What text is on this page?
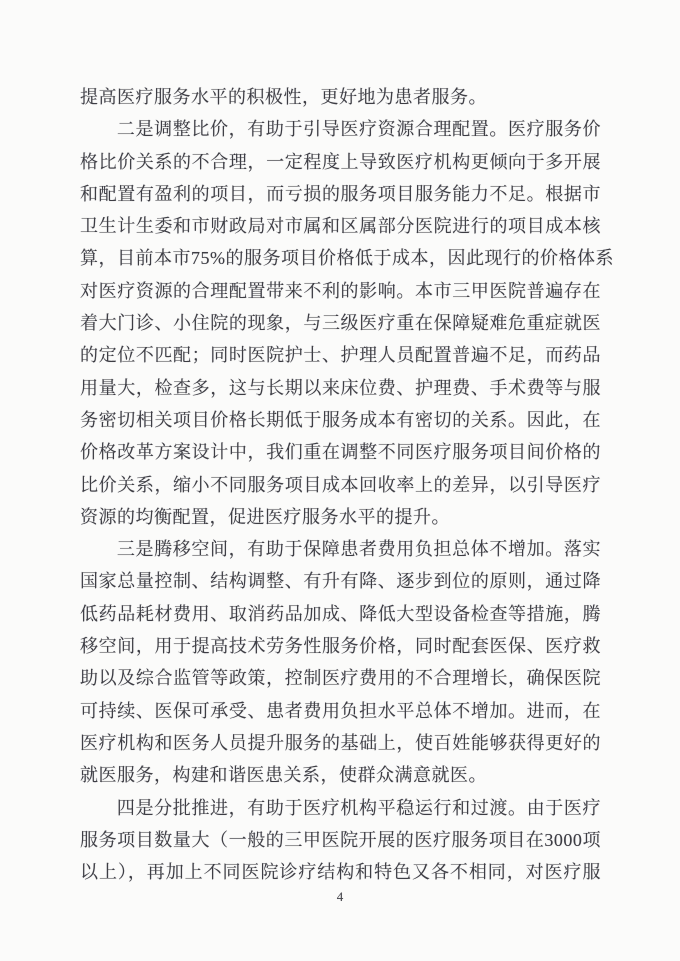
提高医疗服务水平的积极性，更好地为患者服务。
二是调整比价，有助于引导医疗资源合理配置。医疗服务价
格比价关系的不合理，一定程度上导致医疗机构更倾向于多开展
和配置有盈利的项目，而亏损的服务项目服务能力不足。根据市
卫生计生委和市财政局对市属和区属部分医院进行的项目成本核
算，目前本市75%的服务项目价格低于成本，因此现行的价格体系
对医疗资源的合理配置带来不利的影响。本市三甲医院普遍存在
着大门诊、小住院的现象，与三级医疗重在保障疑难危重症就医
的定位不匹配；同时医院护士、护理人员配置普遍不足，而药品
用量大，检查多，这与长期以来床位费、护理费、手术费等与服
务密切相关项目价格长期低于服务成本有密切的关系。因此，在
价格改革方案设计中，我们重在调整不同医疗服务项目间价格的
比价关系，缩小不同服务项目成本回收率上的差异，以引导医疗
资源的均衡配置，促进医疗服务水平的提升。
三是腾移空间，有助于保障患者费用负担总体不增加。落实
国家总量控制、结构调整、有升有降、逐步到位的原则，通过降
低药品耗材费用、取消药品加成、降低大型设备检查等措施，腾
移空间，用于提高技术劳务性服务价格，同时配套医保、医疗救
助以及综合监管等政策，控制医疗费用的不合理增长，确保医院
可持续、医保可承受、患者费用负担水平总体不增加。进而，在
医疗机构和医务人员提升服务的基础上，使百姓能够获得更好的
就医服务，构建和谐医患关系，使群众满意就医。
四是分批推进，有助于医疗机构平稳运行和过渡。由于医疗
服务项目数量大（一般的三甲医院开展的医疗服务项目在3000项
以上），再加上不同医院诊疗结构和特色又各不相同，对医疗服
4
